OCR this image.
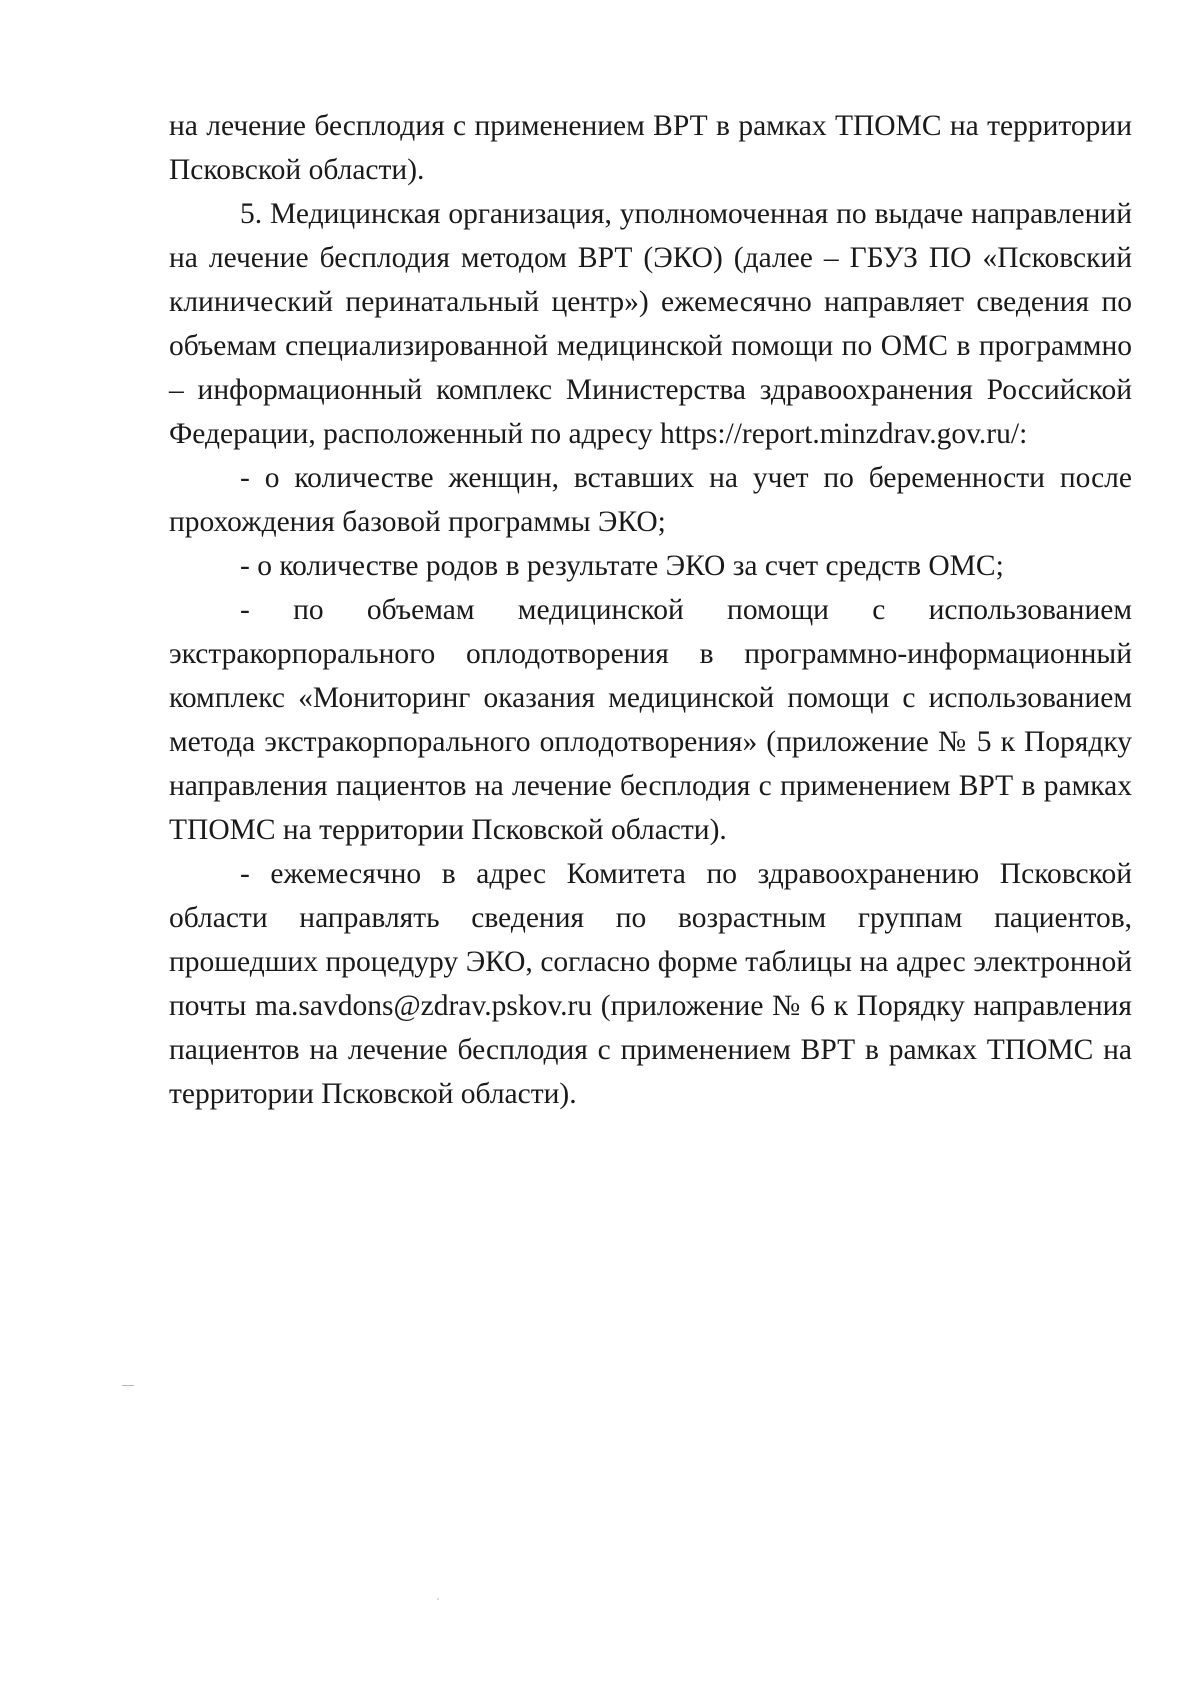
на лечение бесплодия с применением ВРТ в рамках ТПОМС на территории Псковской области).

5. Медицинская организация, уполномоченная по выдаче направлений на лечение бесплодия методом ВРТ (ЭКО) (далее – ГБУЗ ПО «Псковский клинический перинатальный центр») ежемесячно направляет сведения по объемам специализированной медицинской помощи по ОМС в программно – информационный комплекс Министерства здравоохранения Российской Федерации, расположенный по адресу https://report.minzdrav.gov.ru/:

- о количестве женщин, вставших на учет по беременности после прохождения базовой программы ЭКО;

- о количестве родов в результате ЭКО за счет средств ОМС;

- по объемам медицинской помощи с использованием экстракорпорального оплодотворения в программно-информационный комплекс «Мониторинг оказания медицинской помощи с использованием метода экстракорпорального оплодотворения» (приложение № 5 к Порядку направления пациентов на лечение бесплодия с применением ВРТ в рамках ТПОМС на территории Псковской области).

- ежемесячно в адрес Комитета по здравоохранению Псковской области направлять сведения по возрастным группам пациентов, прошедших процедуру ЭКО, согласно форме таблицы на адрес электронной почты ma.savdons@zdrav.pskov.ru (приложение № 6 к Порядку направления пациентов на лечение бесплодия с применением ВРТ в рамках ТПОМС на территории Псковской области).
